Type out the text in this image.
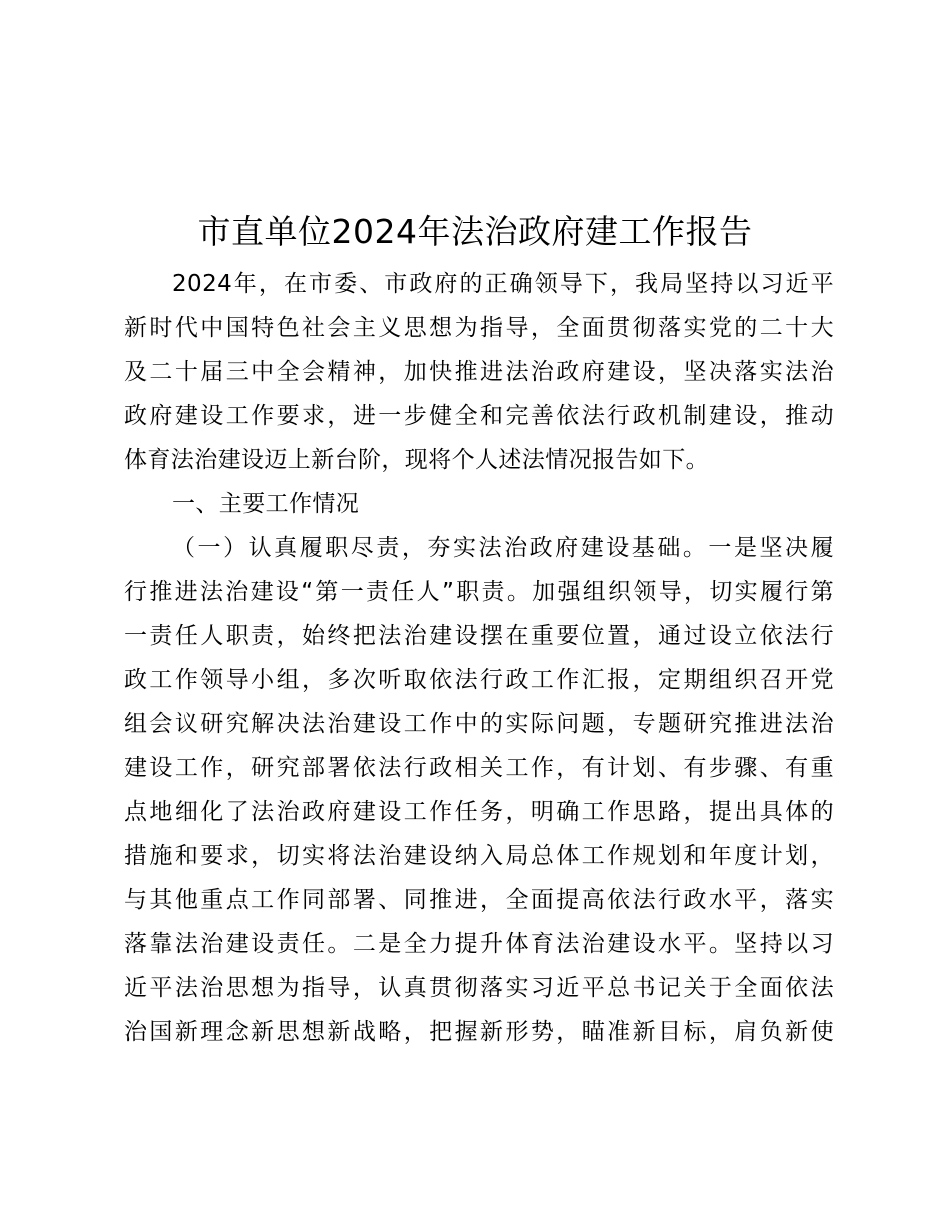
市直单位2024年法治政府建工作报告
2024年，在市委、市政府的正确领导下，我局坚持以习近平
新时代中国特色社会主义思想为指导，全面贯彻落实党的二十大
及二十届三中全会精神，加快推进法治政府建设，坚决落实法治
政府建设工作要求，进一步健全和完善依法行政机制建设，推动
体育法治建设迈上新台阶，现将个人述法情况报告如下。
一、主要工作情况
（一）认真履职尽责，夯实法治政府建设基础。一是坚决履
行推进法治建设“第一责任人”职责。加强组织领导，切实履行第
一责任人职责，始终把法治建设摆在重要位置，通过设立依法行
政工作领导小组，多次听取依法行政工作汇报，定期组织召开党
组会议研究解决法治建设工作中的实际问题，专题研究推进法治
建设工作，研究部署依法行政相关工作，有计划、有步骤、有重
点地细化了法治政府建设工作任务，明确工作思路，提出具体的
措施和要求，切实将法治建设纳入局总体工作规划和年度计划，
与其他重点工作同部署、同推进，全面提高依法行政水平，落实
落靠法治建设责任。二是全力提升体育法治建设水平。坚持以习
近平法治思想为指导，认真贯彻落实习近平总书记关于全面依法
治国新理念新思想新战略，把握新形势，瞄准新目标，肩负新使
